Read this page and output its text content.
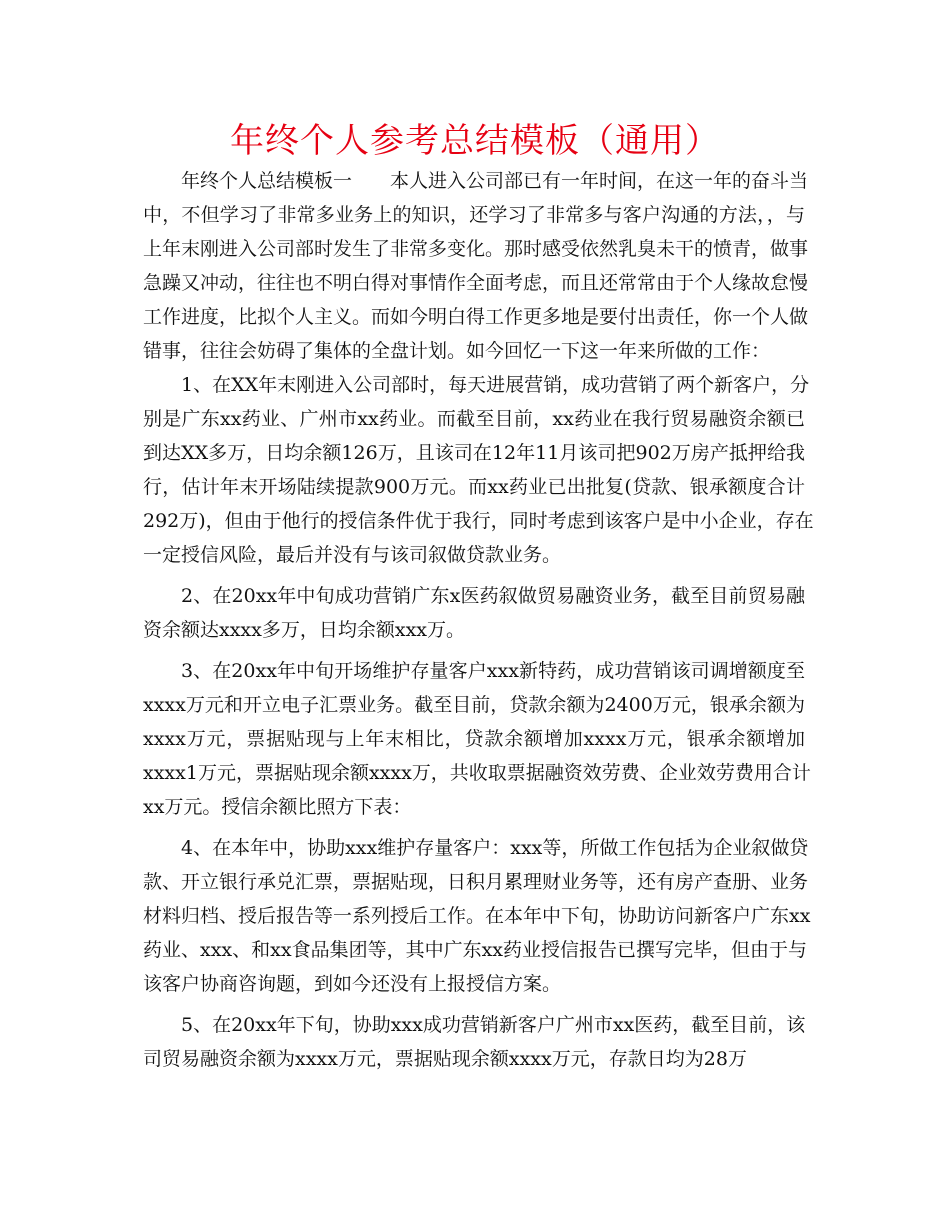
年终个人参考总结模板（通用）
年终个人总结模板一　　本人进入公司部已有一年时间，在这一年的奋斗当
中，不但学习了非常多业务上的知识，还学习了非常多与客户沟通的方法，，与
上年末刚进入公司部时发生了非常多变化。那时感受依然乳臭未干的愤青，做事
急躁又冲动，往往也不明白得对事情作全面考虑，而且还常常由于个人缘故怠慢
工作进度，比拟个人主义。而如今明白得工作更多地是要付出责任，你一个人做
错事，往往会妨碍了集体的全盘计划。如今回忆一下这一年来所做的工作：
1、在XX年末刚进入公司部时，每天进展营销，成功营销了两个新客户，分
别是广东xx药业、广州市xx药业。而截至目前，xx药业在我行贸易融资余额已
到达XX多万，日均余额126万，且该司在12年11月该司把902万房产抵押给我
行，估计年末开场陆续提款900万元。而xx药业已出批复(贷款、银承额度合计
292万)，但由于他行的授信条件优于我行，同时考虑到该客户是中小企业，存在
一定授信风险，最后并没有与该司叙做贷款业务。
2、在20xx年中旬成功营销广东x医药叙做贸易融资业务，截至目前贸易融
资余额达xxxx多万，日均余额xxx万。
3、在20xx年中旬开场维护存量客户xxx新特药，成功营销该司调增额度至
xxxx万元和开立电子汇票业务。截至目前，贷款余额为2400万元，银承余额为
xxxx万元，票据贴现与上年末相比，贷款余额增加xxxx万元，银承余额增加
xxxx1万元，票据贴现余额xxxx万，共收取票据融资效劳费、企业效劳费用合计
xx万元。授信余额比照方下表：
4、在本年中，协助xxx维护存量客户：xxx等，所做工作包括为企业叙做贷
款、开立银行承兑汇票，票据贴现，日积月累理财业务等，还有房产查册、业务
材料归档、授后报告等一系列授后工作。在本年中下旬，协助访问新客户广东xx
药业、xxx、和xx食品集团等，其中广东xx药业授信报告已撰写完毕，但由于与
该客户协商咨询题，到如今还没有上报授信方案。
5、在20xx年下旬，协助xxx成功营销新客户广州市xx医药，截至目前，该
司贸易融资余额为xxxx万元，票据贴现余额xxxx万元，存款日均为28万
